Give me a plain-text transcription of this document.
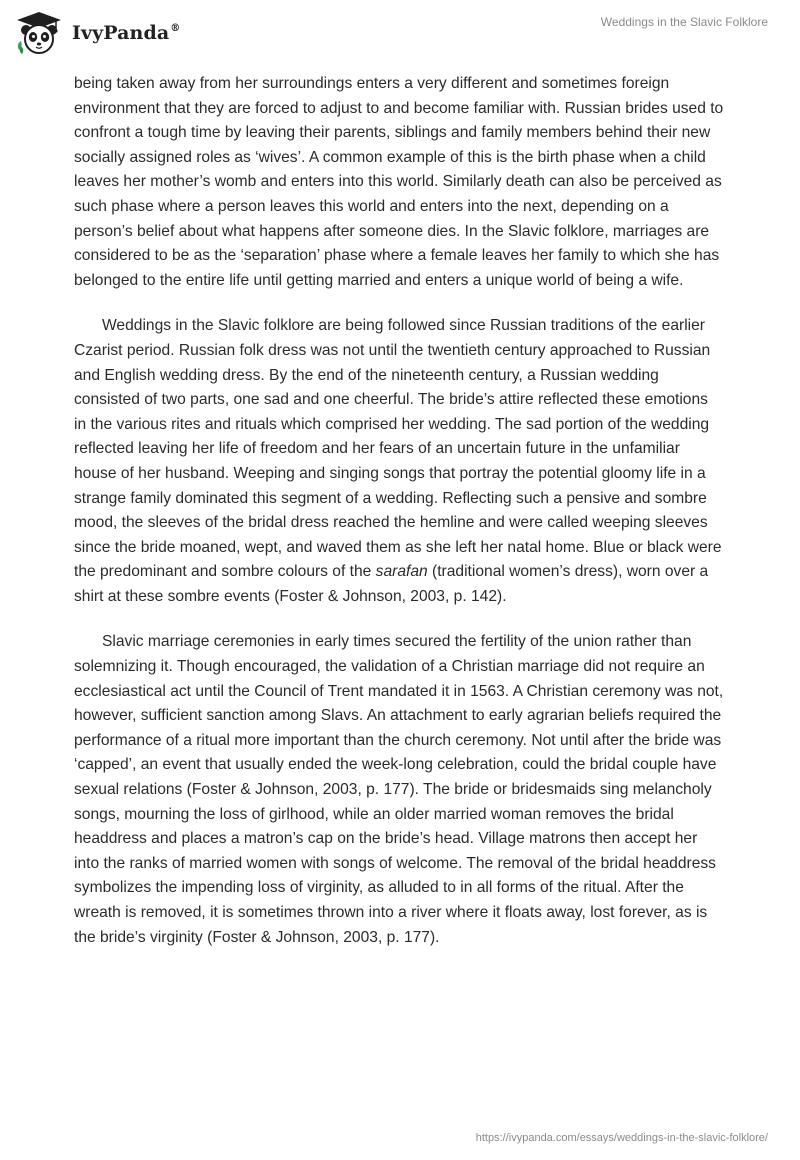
IvyPanda®	Weddings in the Slavic Folklore

being taken away from her surroundings enters a very different and sometimes foreign environment that they are forced to adjust to and become familiar with. Russian brides used to confront a tough time by leaving their parents, siblings and family members behind their new socially assigned roles as ‘wives’. A common example of this is the birth phase when a child leaves her mother’s womb and enters into this world. Similarly death can also be perceived as such phase where a person leaves this world and enters into the next, depending on a person’s belief about what happens after someone dies. In the Slavic folklore, marriages are considered to be as the ‘separation’ phase where a female leaves her family to which she has belonged to the entire life until getting married and enters a unique world of being a wife.

Weddings in the Slavic folklore are being followed since Russian traditions of the earlier Czarist period. Russian folk dress was not until the twentieth century approached to Russian and English wedding dress. By the end of the nineteenth century, a Russian wedding consisted of two parts, one sad and one cheerful. The bride’s attire reflected these emotions in the various rites and rituals which comprised her wedding. The sad portion of the wedding reflected leaving her life of freedom and her fears of an uncertain future in the unfamiliar house of her husband. Weeping and singing songs that portray the potential gloomy life in a strange family dominated this segment of a wedding. Reflecting such a pensive and sombre mood, the sleeves of the bridal dress reached the hemline and were called weeping sleeves since the bride moaned, wept, and waved them as she left her natal home. Blue or black were the predominant and sombre colours of the sarafan (traditional women’s dress), worn over a shirt at these sombre events (Foster & Johnson, 2003, p. 142).

Slavic marriage ceremonies in early times secured the fertility of the union rather than solemnizing it. Though encouraged, the validation of a Christian marriage did not require an ecclesiastical act until the Council of Trent mandated it in 1563. A Christian ceremony was not, however, sufficient sanction among Slavs. An attachment to early agrarian beliefs required the performance of a ritual more important than the church ceremony. Not until after the bride was ‘capped’, an event that usually ended the week-long celebration, could the bridal couple have sexual relations (Foster & Johnson, 2003, p. 177). The bride or bridesmaids sing melancholy songs, mourning the loss of girlhood, while an older married woman removes the bridal headdress and places a matron’s cap on the bride’s head. Village matrons then accept her into the ranks of married women with songs of welcome. The removal of the bridal headdress symbolizes the impending loss of virginity, as alluded to in all forms of the ritual. After the wreath is removed, it is sometimes thrown into a river where it floats away, lost forever, as is the bride’s virginity (Foster & Johnson, 2003, p. 177).

https://ivypanda.com/essays/weddings-in-the-slavic-folklore/
